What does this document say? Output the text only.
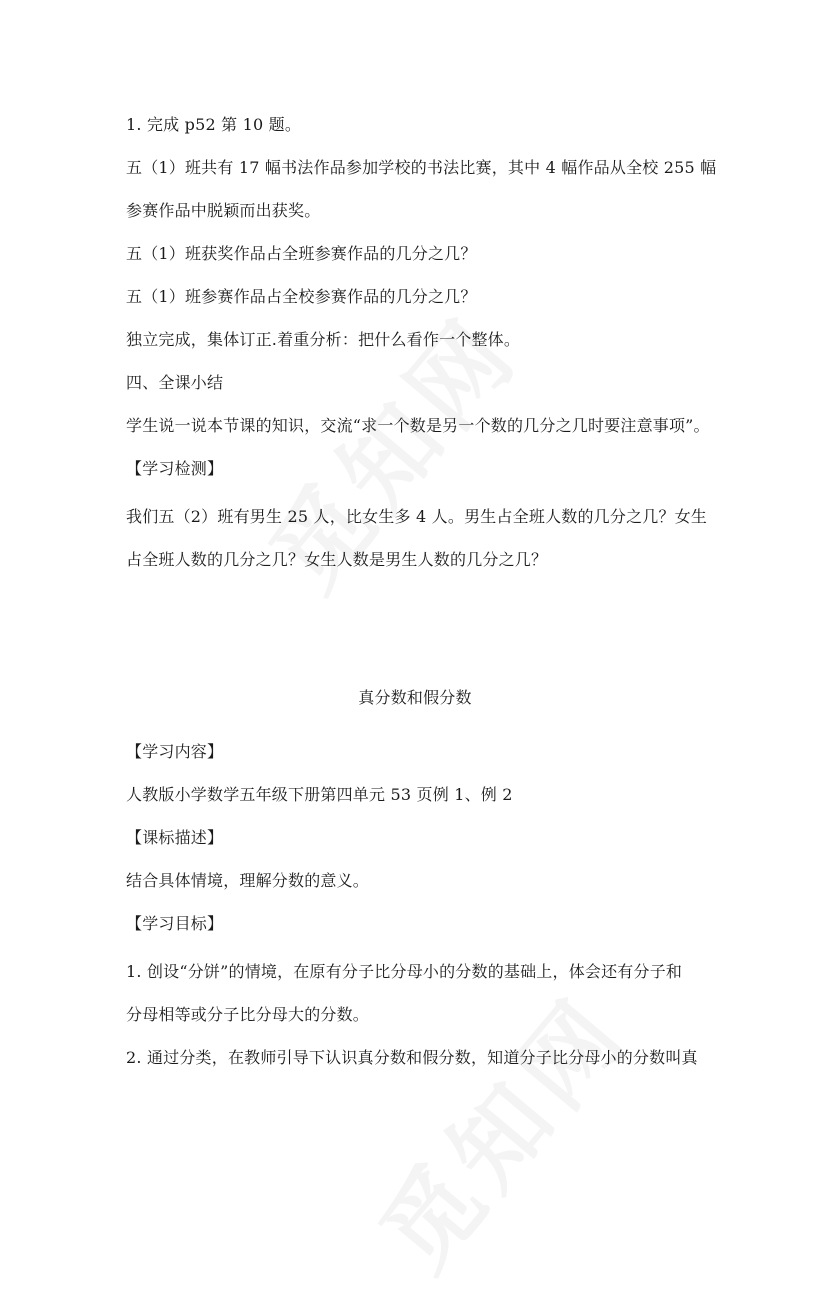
1. 完成 p52 第 10 题。

五（1）班共有 17 幅书法作品参加学校的书法比赛，其中 4 幅作品从全校 255 幅

参赛作品中脱颖而出获奖。

五（1）班获奖作品占全班参赛作品的几分之几？

五（1）班参赛作品占全校参赛作品的几分之几？

独立完成，集体订正.着重分析：把什么看作一个整体。

四、全课小结

学生说一说本节课的知识，交流“求一个数是另一个数的几分之几时要注意事项”。

【学习检测】

我们五（2）班有男生 25 人，比女生多 4 人。男生占全班人数的几分之几？女生

占全班人数的几分之几？女生人数是男生人数的几分之几？

真分数和假分数

【学习内容】

人教版小学数学五年级下册第四单元 53 页例 1、例 2

【课标描述】

结合具体情境，理解分数的意义。

【学习目标】

1. 创设“分饼”的情境，在原有分子比分母小的分数的基础上，体会还有分子和

分母相等或分子比分母大的分数。

2. 通过分类，在教师引导下认识真分数和假分数，知道分子比分母小的分数叫真
